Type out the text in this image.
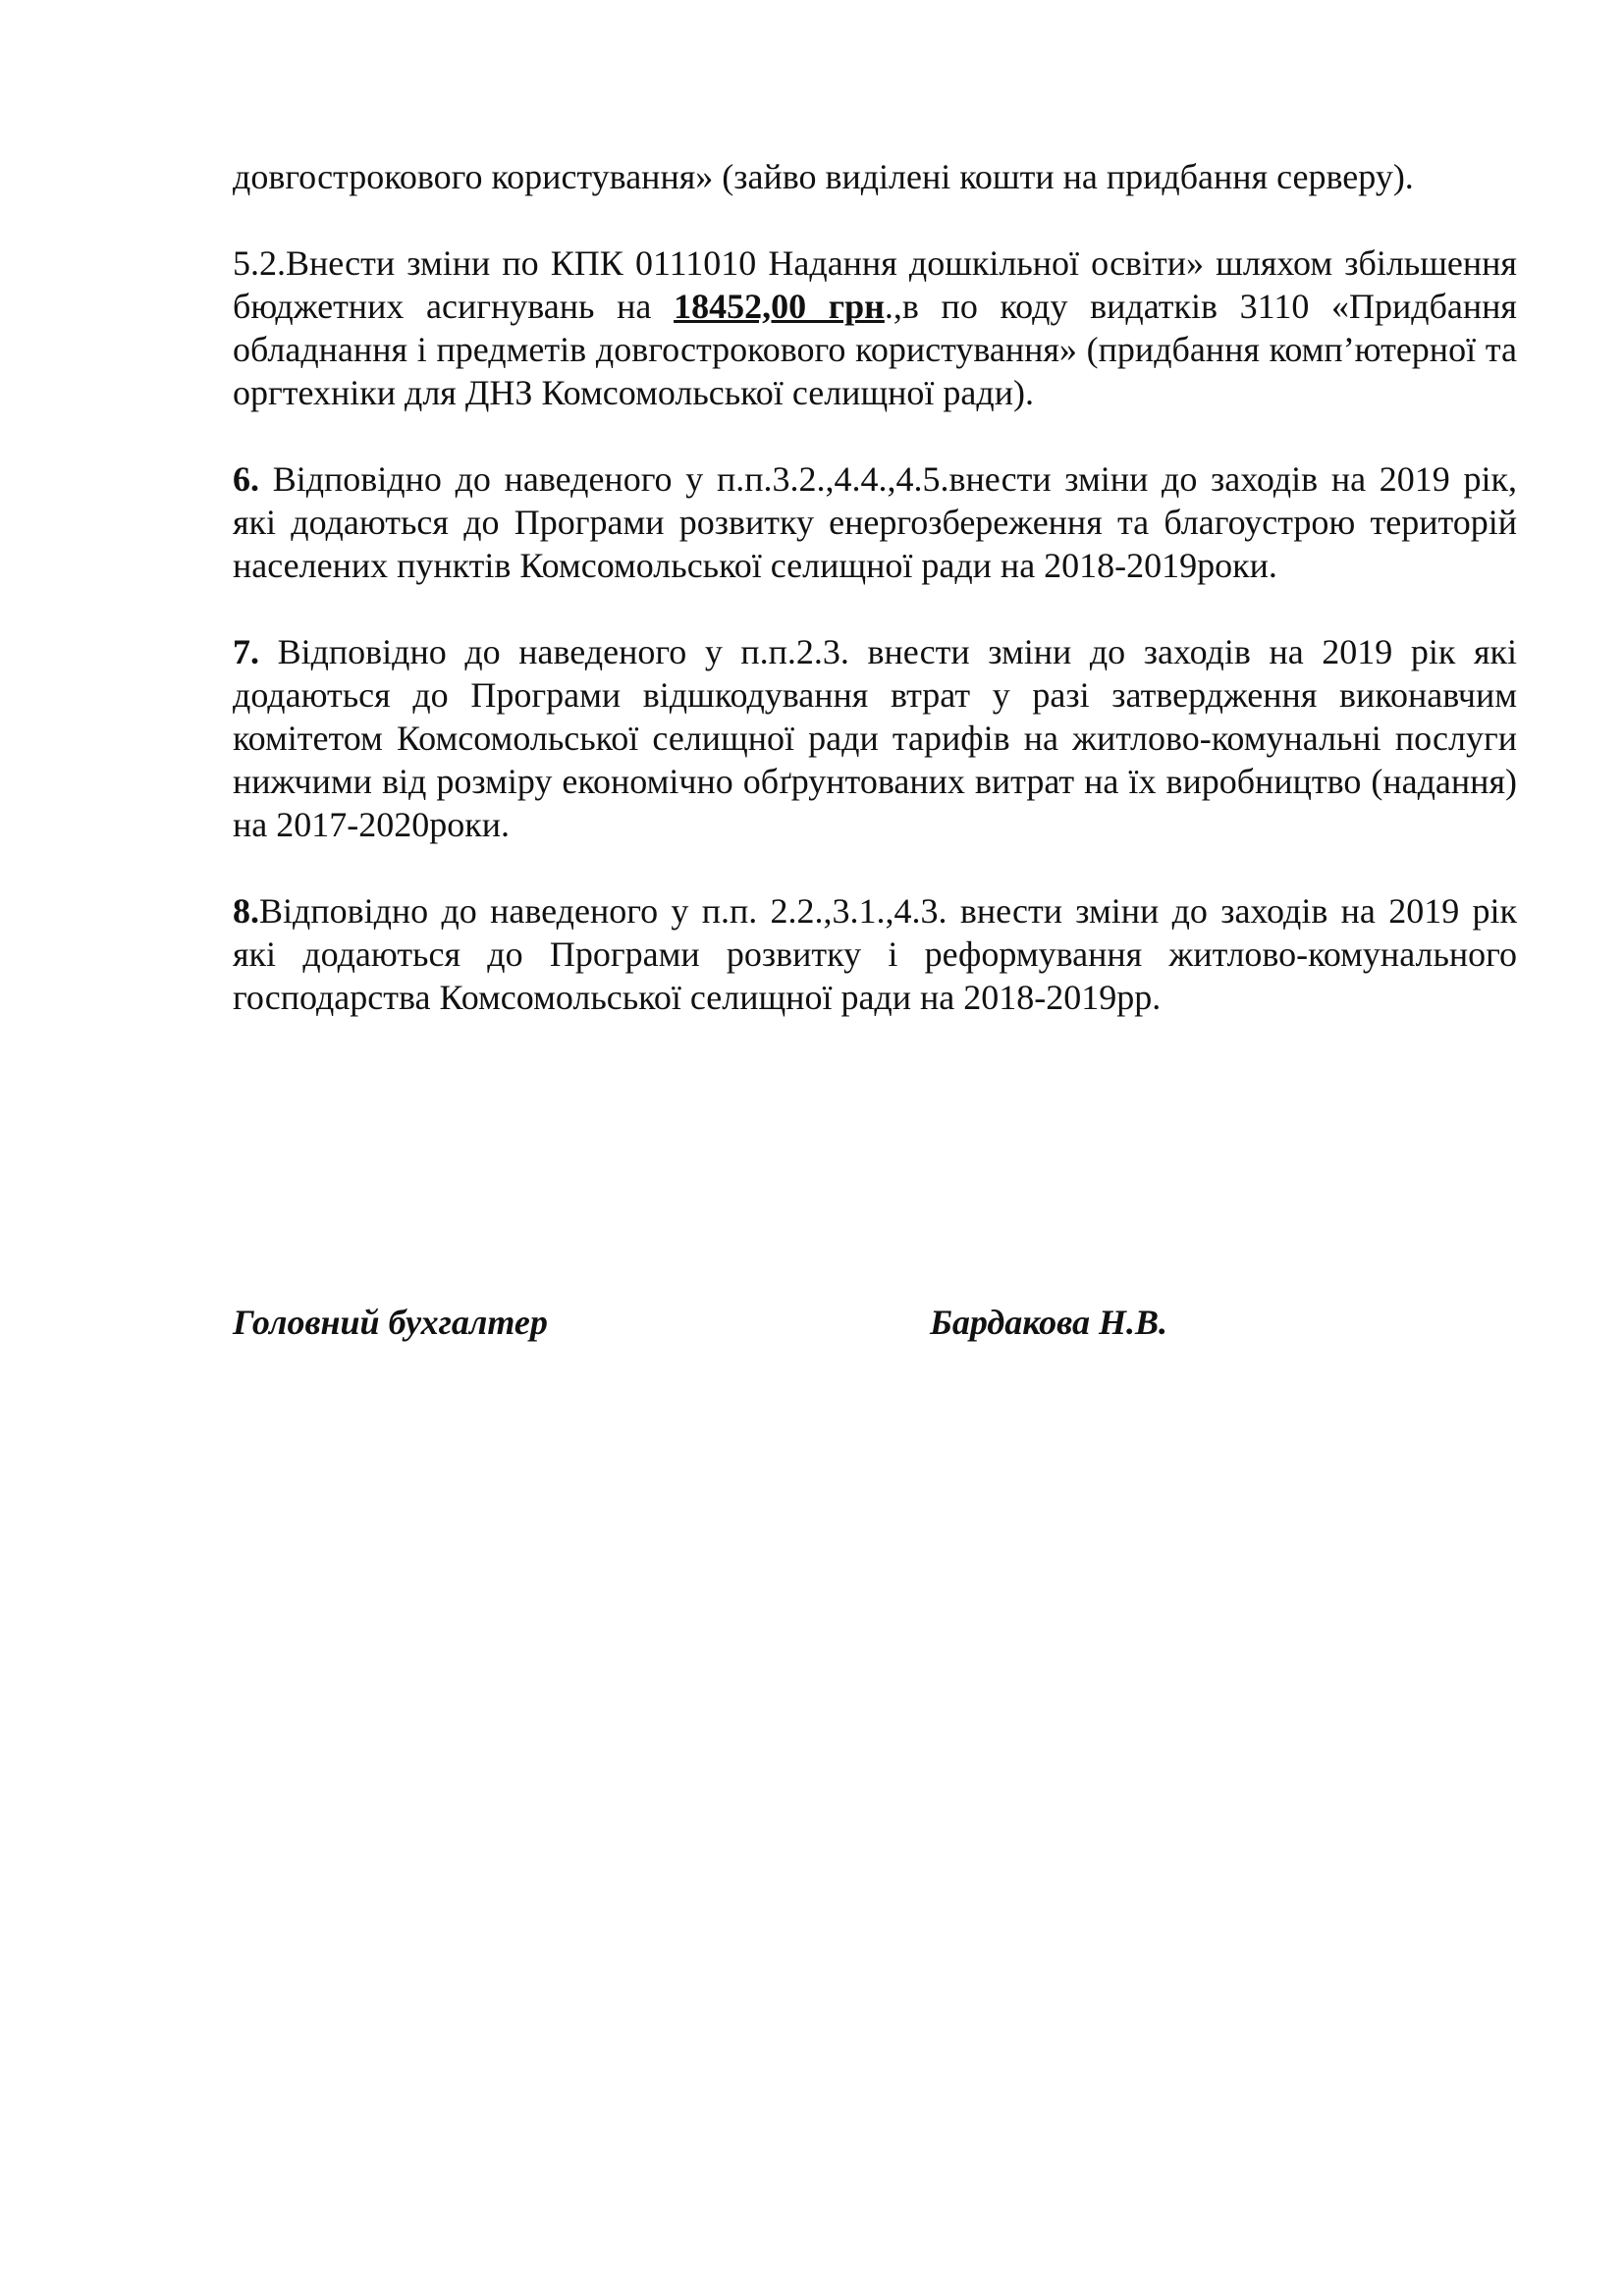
довгострокового користування» (зайво виділені кошти на придбання серверу).

5.2.Внести зміни по КПК 0111010 Надання дошкільної освіти» шляхом збільшення бюджетних асигнувань на 18452,00 грн.,в по коду видатків 3110 «Придбання обладнання і предметів довгострокового користування» (придбання комп’ютерної та оргтехніки для ДНЗ Комсомольської селищної ради).

6. Відповідно до наведеного у п.п.3.2.,4.4.,4.5.внести зміни до заходів на 2019 рік, які додаються до Програми розвитку енергозбереження та благоустрою територій населених пунктів Комсомольської селищної ради на 2018-2019роки.

7. Відповідно до наведеного у п.п.2.3. внести зміни до заходів на 2019 рік які додаються до Програми відшкодування втрат у разі затвердження виконавчим комітетом Комсомольської селищної ради тарифів на житлово-комунальні послуги нижчими від розміру економічно обґрунтованих витрат на їх виробництво (надання) на 2017-2020роки.

8.Відповідно до наведеного у п.п. 2.2.,3.1.,4.3. внести зміни до заходів на 2019 рік які додаються до Програми розвитку і реформування житлово-комунального господарства Комсомольської селищної ради на 2018-2019рр.

Головний бухгалтер	Бардакова Н.В.
